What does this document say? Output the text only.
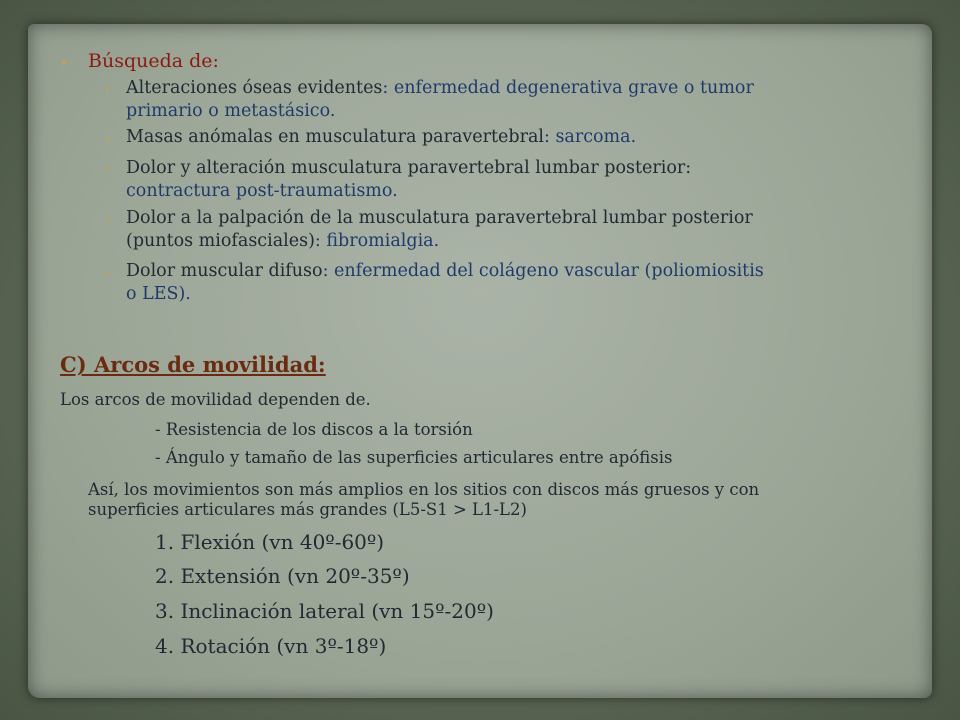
• Búsqueda de:
• Alteraciones óseas evidentes: enfermedad degenerativa grave o tumor
primario o metastásico.
• Masas anómalas en musculatura paravertebral: sarcoma.
• Dolor y alteración musculatura paravertebral lumbar posterior:
contractura post-traumatismo.
• Dolor a la palpación de la musculatura paravertebral lumbar posterior
(puntos miofasciales): fibromialgia.
• Dolor muscular difuso: enfermedad del colágeno vascular (poliomiositis
o LES).
C) Arcos de movilidad:
Los arcos de movilidad dependen de.
- Resistencia de los discos a la torsión
- Ángulo y tamaño de las superficies articulares entre apófisis
Así, los movimientos son más amplios en los sitios con discos más gruesos y con
superficies articulares más grandes (L5-S1 > L1-L2)
1. Flexión (vn 40º-60º)
2. Extensión (vn 20º-35º)
3. Inclinación lateral (vn 15º-20º)
4. Rotación (vn 3º-18º)
